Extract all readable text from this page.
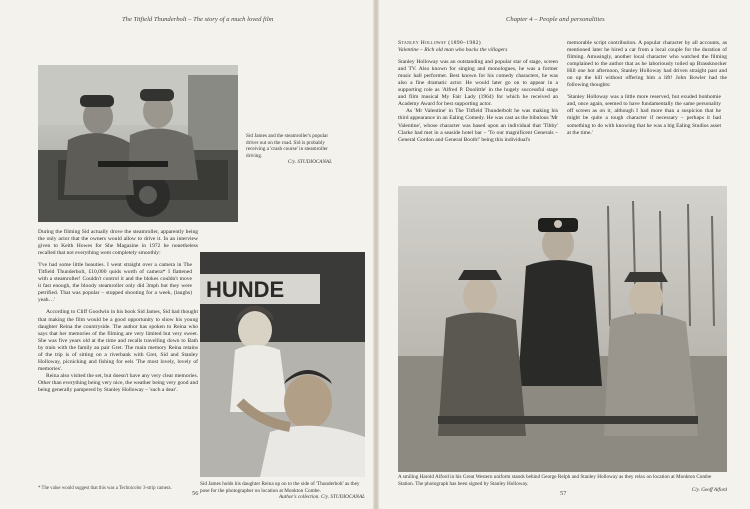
The Titfield Thunderbolt – The story of a much loved film
Sid James and the steamroller's popular driver out on the road. Sid is probably receiving a 'crash course' in steamroller driving.
C/y. STUDIOCANAL

During the filming Sid actually drove the steamroller, apparently being the only actor that the owners would allow to drive it. In an interview given to Keith Howes for She Magazine in 1972 he nonetheless recalled that not everything went completely smoothly:

'I've had some little beauties. I went straight over a camera in The Titfield Thunderbolt, £10,000 quids worth of camera* I flattened with a steamroller! Couldn't control it and the blokes couldn't move it fast enough, the bloody steamroller only did 3mph but they were petrified. That was popular – stopped shooting for a week, (laughs) yeah…'

According to Cliff Goodwin in his book Sid James, Sid had thought that making the film would be a good opportunity to show his young daughter Reina the countryside. The author has spoken to Reina who says that her memories of the filming are very limited but very sweet. She was five years old at the time and recalls travelling down to Bath by train with the family au pair Gret. The main memory Reina retains of the trip is of sitting on a riverbank with Gret, Sid and Stanley Holloway, picnicking and fishing for eels 'The most lovely, lovely of memories'.

Reina also visited the set, but doesn't have any very clear memories. Other than everything being very nice, the weather being very good and being generally pampered by Stanley Holloway – 'such a dear'.

* The value would suggest that this was a Technicolor 3-strip camera.
HUNDE
Sid James holds his daughter Reina up on to the side of 'Thunderbolt' as they pose for the photographer on location at Monkton Combe.
Author's collection. C/y. STUDIOCANAL
56
Chapter 4 – People and personalities
Stanley Holloway (1890–1982)
Valentine – Rich old man who backs the villagers

Stanley Holloway was an outstanding and popular star of stage, screen and TV. Also known for singing and monologues, he was a former music hall performer. Best known for his comedy characters, he was also a fine dramatic actor. He would later go on to appear in a supporting role as 'Alfred P. Doolittle' in the hugely successful stage and film musical My Fair Lady (1964) for which he received an Academy Award for best supporting actor.

As 'Mr Valentine' in The Titfield Thunderbolt he was making his third appearance in an Ealing Comedy. He was cast as the bibulous 'Mr Valentine', whose character was based upon an individual that 'Tibby' Clarke had met in a seaside hotel bar – 'To our magnificent Generals – General Gordon and General Booth!' being this individual's

memorable script contribution. A popular character by all accounts, as mentioned later he hired a car from a local couple for the duration of filming. Amusingly, another local character who watched the filming complained to the author that as he laboriously toiled up Brassknocker Hill one hot afternoon, Stanley Holloway had driven straight past and on up the hill without offering him a lift! John Bowler had the following thoughts:

'Stanley Holloway was a little more reserved, but exuded bonhomie and, once again, seemed to have fundamentally the same personality off screen as on it, although I had more than a suspicion that he might be quite a tough character if necessary – perhaps it had something to do with knowing that he was a big Ealing Studios asset at the time.'

A smiling Harold Alford in his Great Western uniform stands behind George Relph and Stanley Holloway as they relax on location at Monkton Combe Station. The photograph has been signed by Stanley Holloway.
C/y. Geoff Alford
57
